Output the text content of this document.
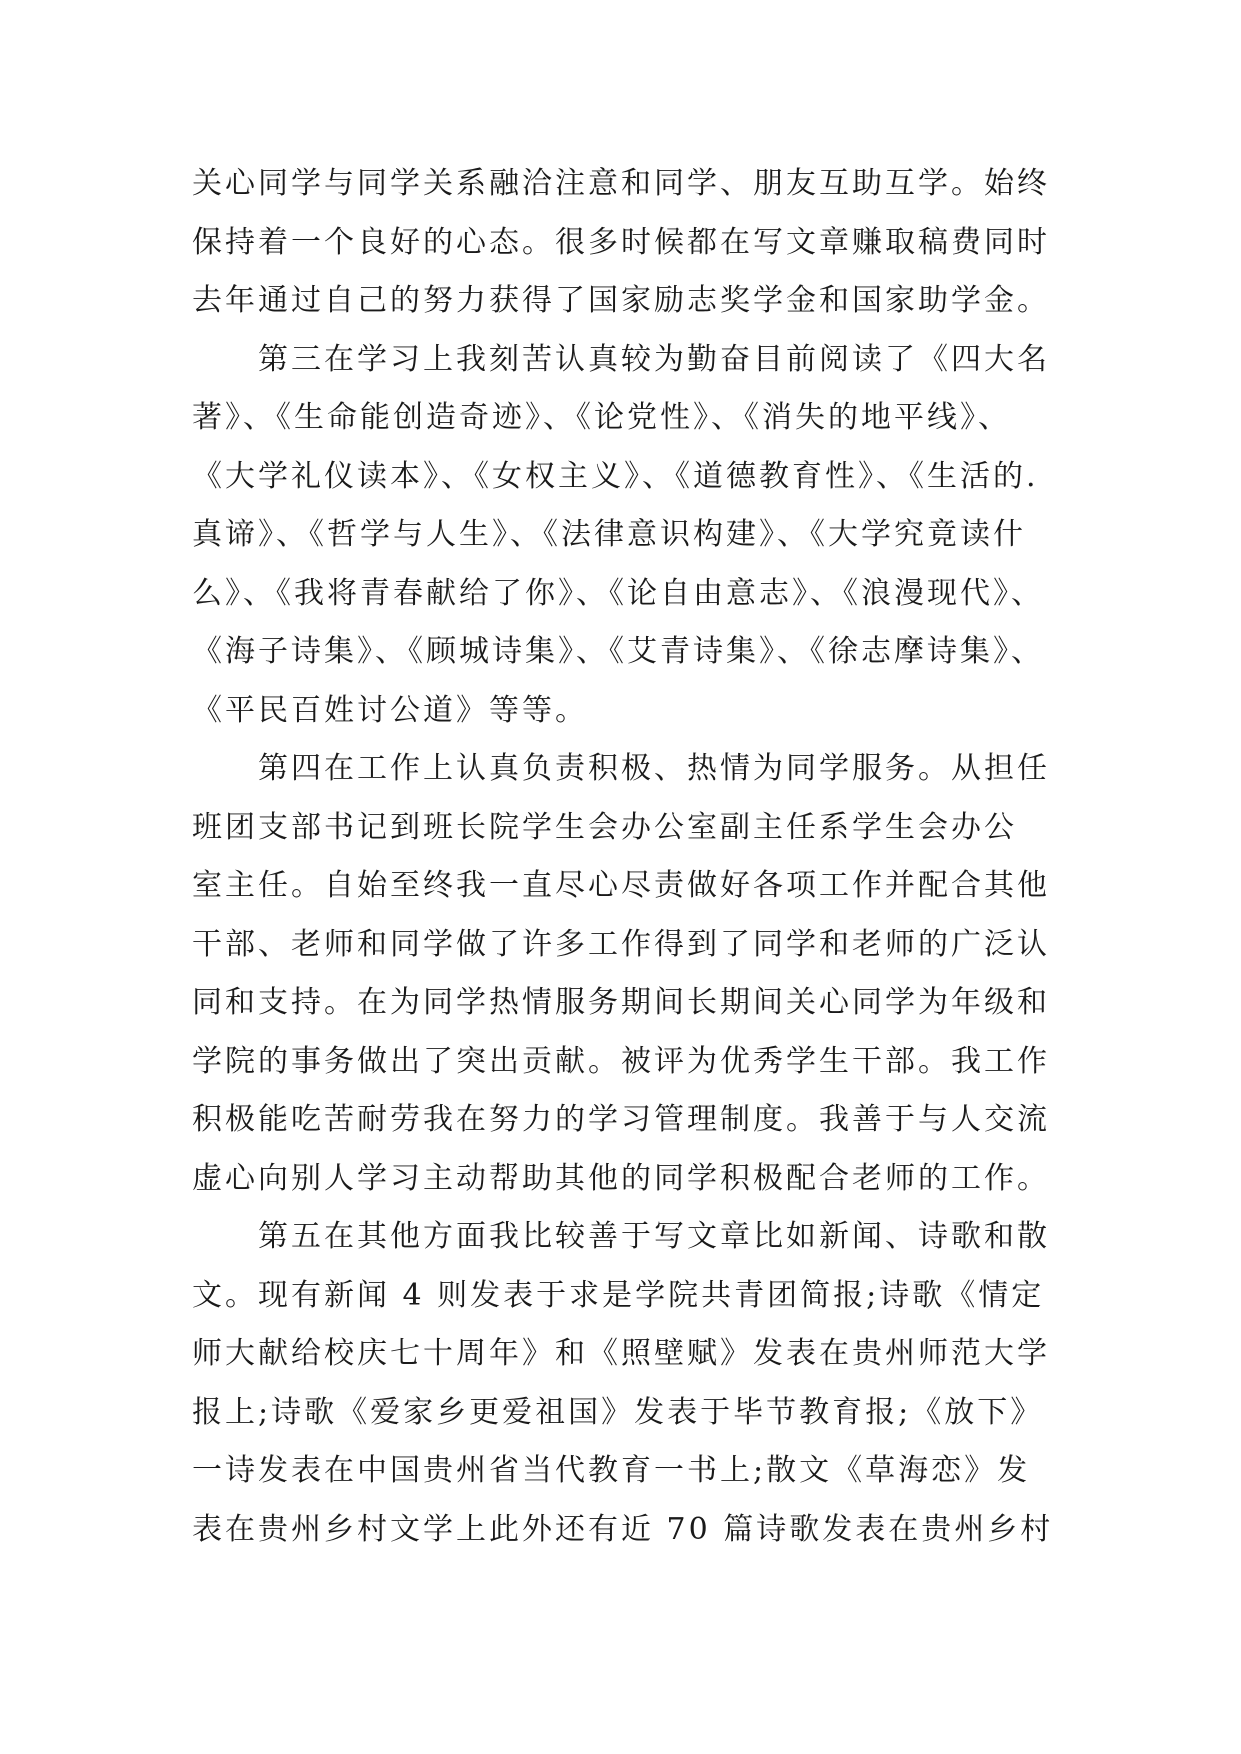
关心同学与同学关系融洽注意和同学、朋友互助互学。始终
保持着一个良好的心态。很多时候都在写文章赚取稿费同时
去年通过自己的努力获得了国家励志奖学金和国家助学金。
第三在学习上我刻苦认真较为勤奋目前阅读了《四大名
著》、《生命能创造奇迹》、《论党性》、《消失的地平线》、
《大学礼仪读本》、《女权主义》、《道德教育性》、《生活的.
真谛》、《哲学与人生》、《法律意识构建》、《大学究竟读什
么》、《我将青春献给了你》、《论自由意志》、《浪漫现代》、
《海子诗集》、《顾城诗集》、《艾青诗集》、《徐志摩诗集》、
《平民百姓讨公道》等等。
第四在工作上认真负责积极、热情为同学服务。从担任
班团支部书记到班长院学生会办公室副主任系学生会办公
室主任。自始至终我一直尽心尽责做好各项工作并配合其他
干部、老师和同学做了许多工作得到了同学和老师的广泛认
同和支持。在为同学热情服务期间长期间关心同学为年级和
学院的事务做出了突出贡献。被评为优秀学生干部。我工作
积极能吃苦耐劳我在努力的学习管理制度。我善于与人交流
虚心向别人学习主动帮助其他的同学积极配合老师的工作。
第五在其他方面我比较善于写文章比如新闻、诗歌和散
文。现有新闻 4 则发表于求是学院共青团简报;诗歌《情定
师大献给校庆七十周年》和《照壁赋》发表在贵州师范大学
报上;诗歌《爱家乡更爱祖国》发表于毕节教育报;《放下》
一诗发表在中国贵州省当代教育一书上;散文《草海恋》发
表在贵州乡村文学上此外还有近 70 篇诗歌发表在贵州乡村
